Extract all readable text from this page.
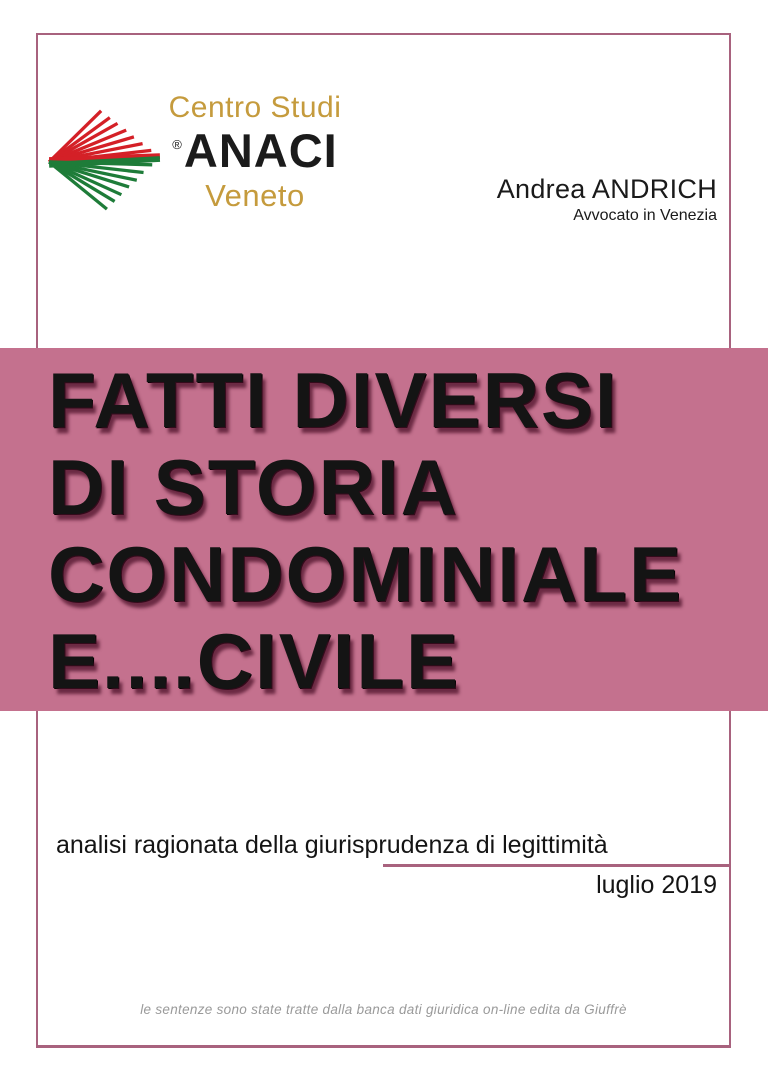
Centro Studi
®ANACI
Veneto	Andrea ANDRICH
Avvocato in Venezia
FATTI DIVERSI
DI STORIA
CONDOMINIALE
E....CIVILE
analisi ragionata della giurisprudenza di legittimità
luglio 2019
le sentenze sono state tratte dalla banca dati giuridica on-line edita da Giuffrè
